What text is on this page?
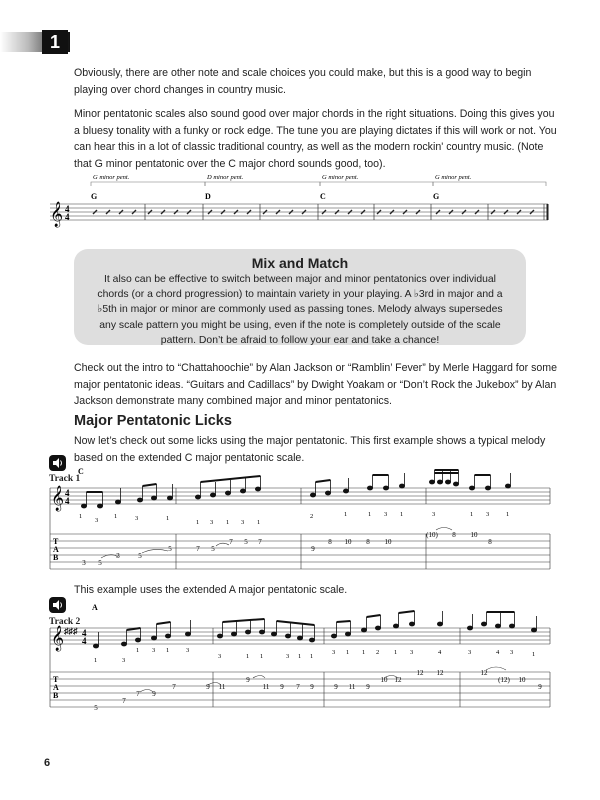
1

Obviously, there are other note and scale choices you could make, but this is a good way to begin playing over chord changes in country music.

Minor pentatonic scales also sound good over major chords in the right situations. Doing this gives you a bluesy tonality with a funky or rock edge. The tune you are playing dictates if this will work or not. You can hear this in a lot of classic traditional country, as well as the modern rockin' country music. (Note that G minor pentatonic over the C major chord sounds good, too).

G minor pent.	D minor pent.	G minor pent.	G minor pent.
G	D	C	G
𝄞 4
4
Mix and Match

It also can be effective to switch between major and minor pentatonics over individual chords (or a chord progression) to maintain variety in your playing. A ♭3rd in major and a ♭5th in major or minor are commonly used as passing tones. Melody always supersedes any scale pattern you might be using, even if the note is completely outside of the scale pattern. Don’t be afraid to follow your ear and take a chance!

Check out the intro to “Chattahoochie” by Alan Jackson or “Ramblin’ Fever” by Merle Haggard for some major pentatonic ideas. “Guitars and Cadillacs” by Dwight Yoakam or “Don’t Rock the Jukebox” by Alan Jackson demonstrate many combined major and minor pentatonics.

Major Pentatonic Licks

Now let’s check out some licks using the major pentatonic. This first example shows a typical melody based on the extended C major pentatonic scale.

Track 1
C
𝄞 4
4
1
3
1	3	1
1 3 1 3 1
2	1	1 3 1	3	1 3	1
T
A
B
3 5
3	5
5	7 5
7 5 7
9
8 10 8 10
(10) 8 10
8

This example uses the extended A major pentatonic scale.

Track 2
A
𝄞 ♯♯♯ 4
4
1	3
1 3 1	3
3	1 1	3 1 1
3 1 1 2 1 3	4	3	4 3	1
T
A
B
5
7
7 9
7	9 11
9
11 9 7 9	9 11 9
10 12
12 12	12
(12) 10
9
6
